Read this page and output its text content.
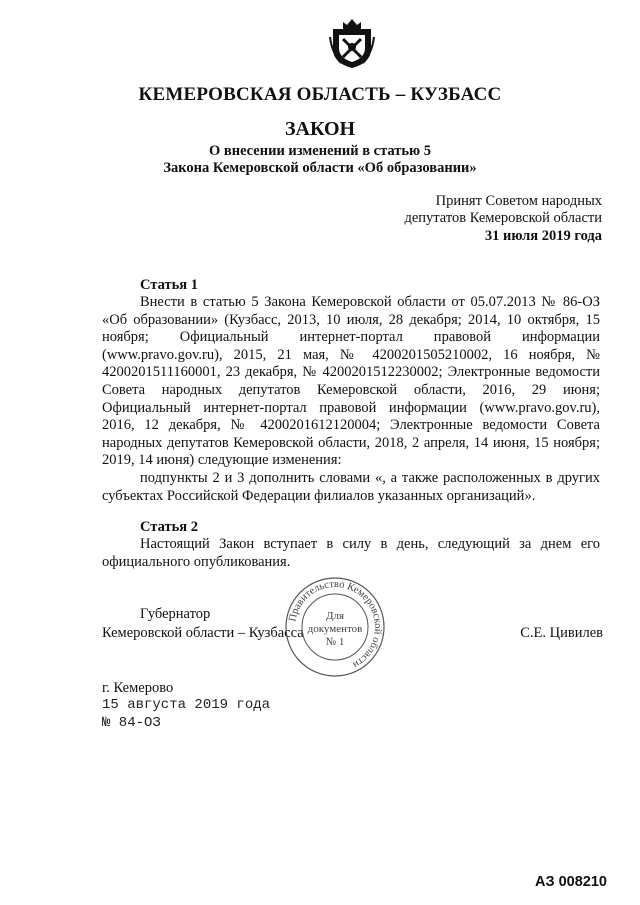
КЕМЕРОВСКАЯ ОБЛАСТЬ – КУЗБАСС
ЗАКОН
О внесении изменений в статью 5
Закона Кемеровской области «Об образовании»
Принят Советом народных
депутатов Кемеровской области
31 июля 2019 года
Статья 1

Внести в статью 5 Закона Кемеровской области от 05.07.2013 № 86-ОЗ «Об образовании» (Кузбасс, 2013, 10 июля, 28 декабря; 2014, 10 октября, 15 ноября; Официальный интернет-портал правовой информации (www.pravo.gov.ru), 2015, 21 мая, № 4200201505210002, 16 ноября, № 4200201511160001, 23 декабря, № 4200201512230002; Электронные ведомости Совета народных депутатов Кемеровской области, 2016, 29 июня; Официальный интернет-портал правовой информации (www.pravo.gov.ru), 2016, 12 декабря, № 4200201612120004; Электронные ведомости Совета народных депутатов Кемеровской области, 2018, 2 апреля, 14 июня, 15 ноября; 2019, 14 июня) следующие изменения:

подпункты 2 и 3 дополнить словами «, а также расположенных в других субъектах Российской Федерации филиалов указанных организаций».

Статья 2

Настоящий Закон вступает в силу в день, следующий за днем его официального опубликования.

Губернатор
Кемеровской области – Кузбасса	С.Е. Цивилев
Правительство Кемеровской области
Для
документов
№ 1
г. Кемерово
15 августа 2019 года
№ 84-ОЗ
АЗ 008210
